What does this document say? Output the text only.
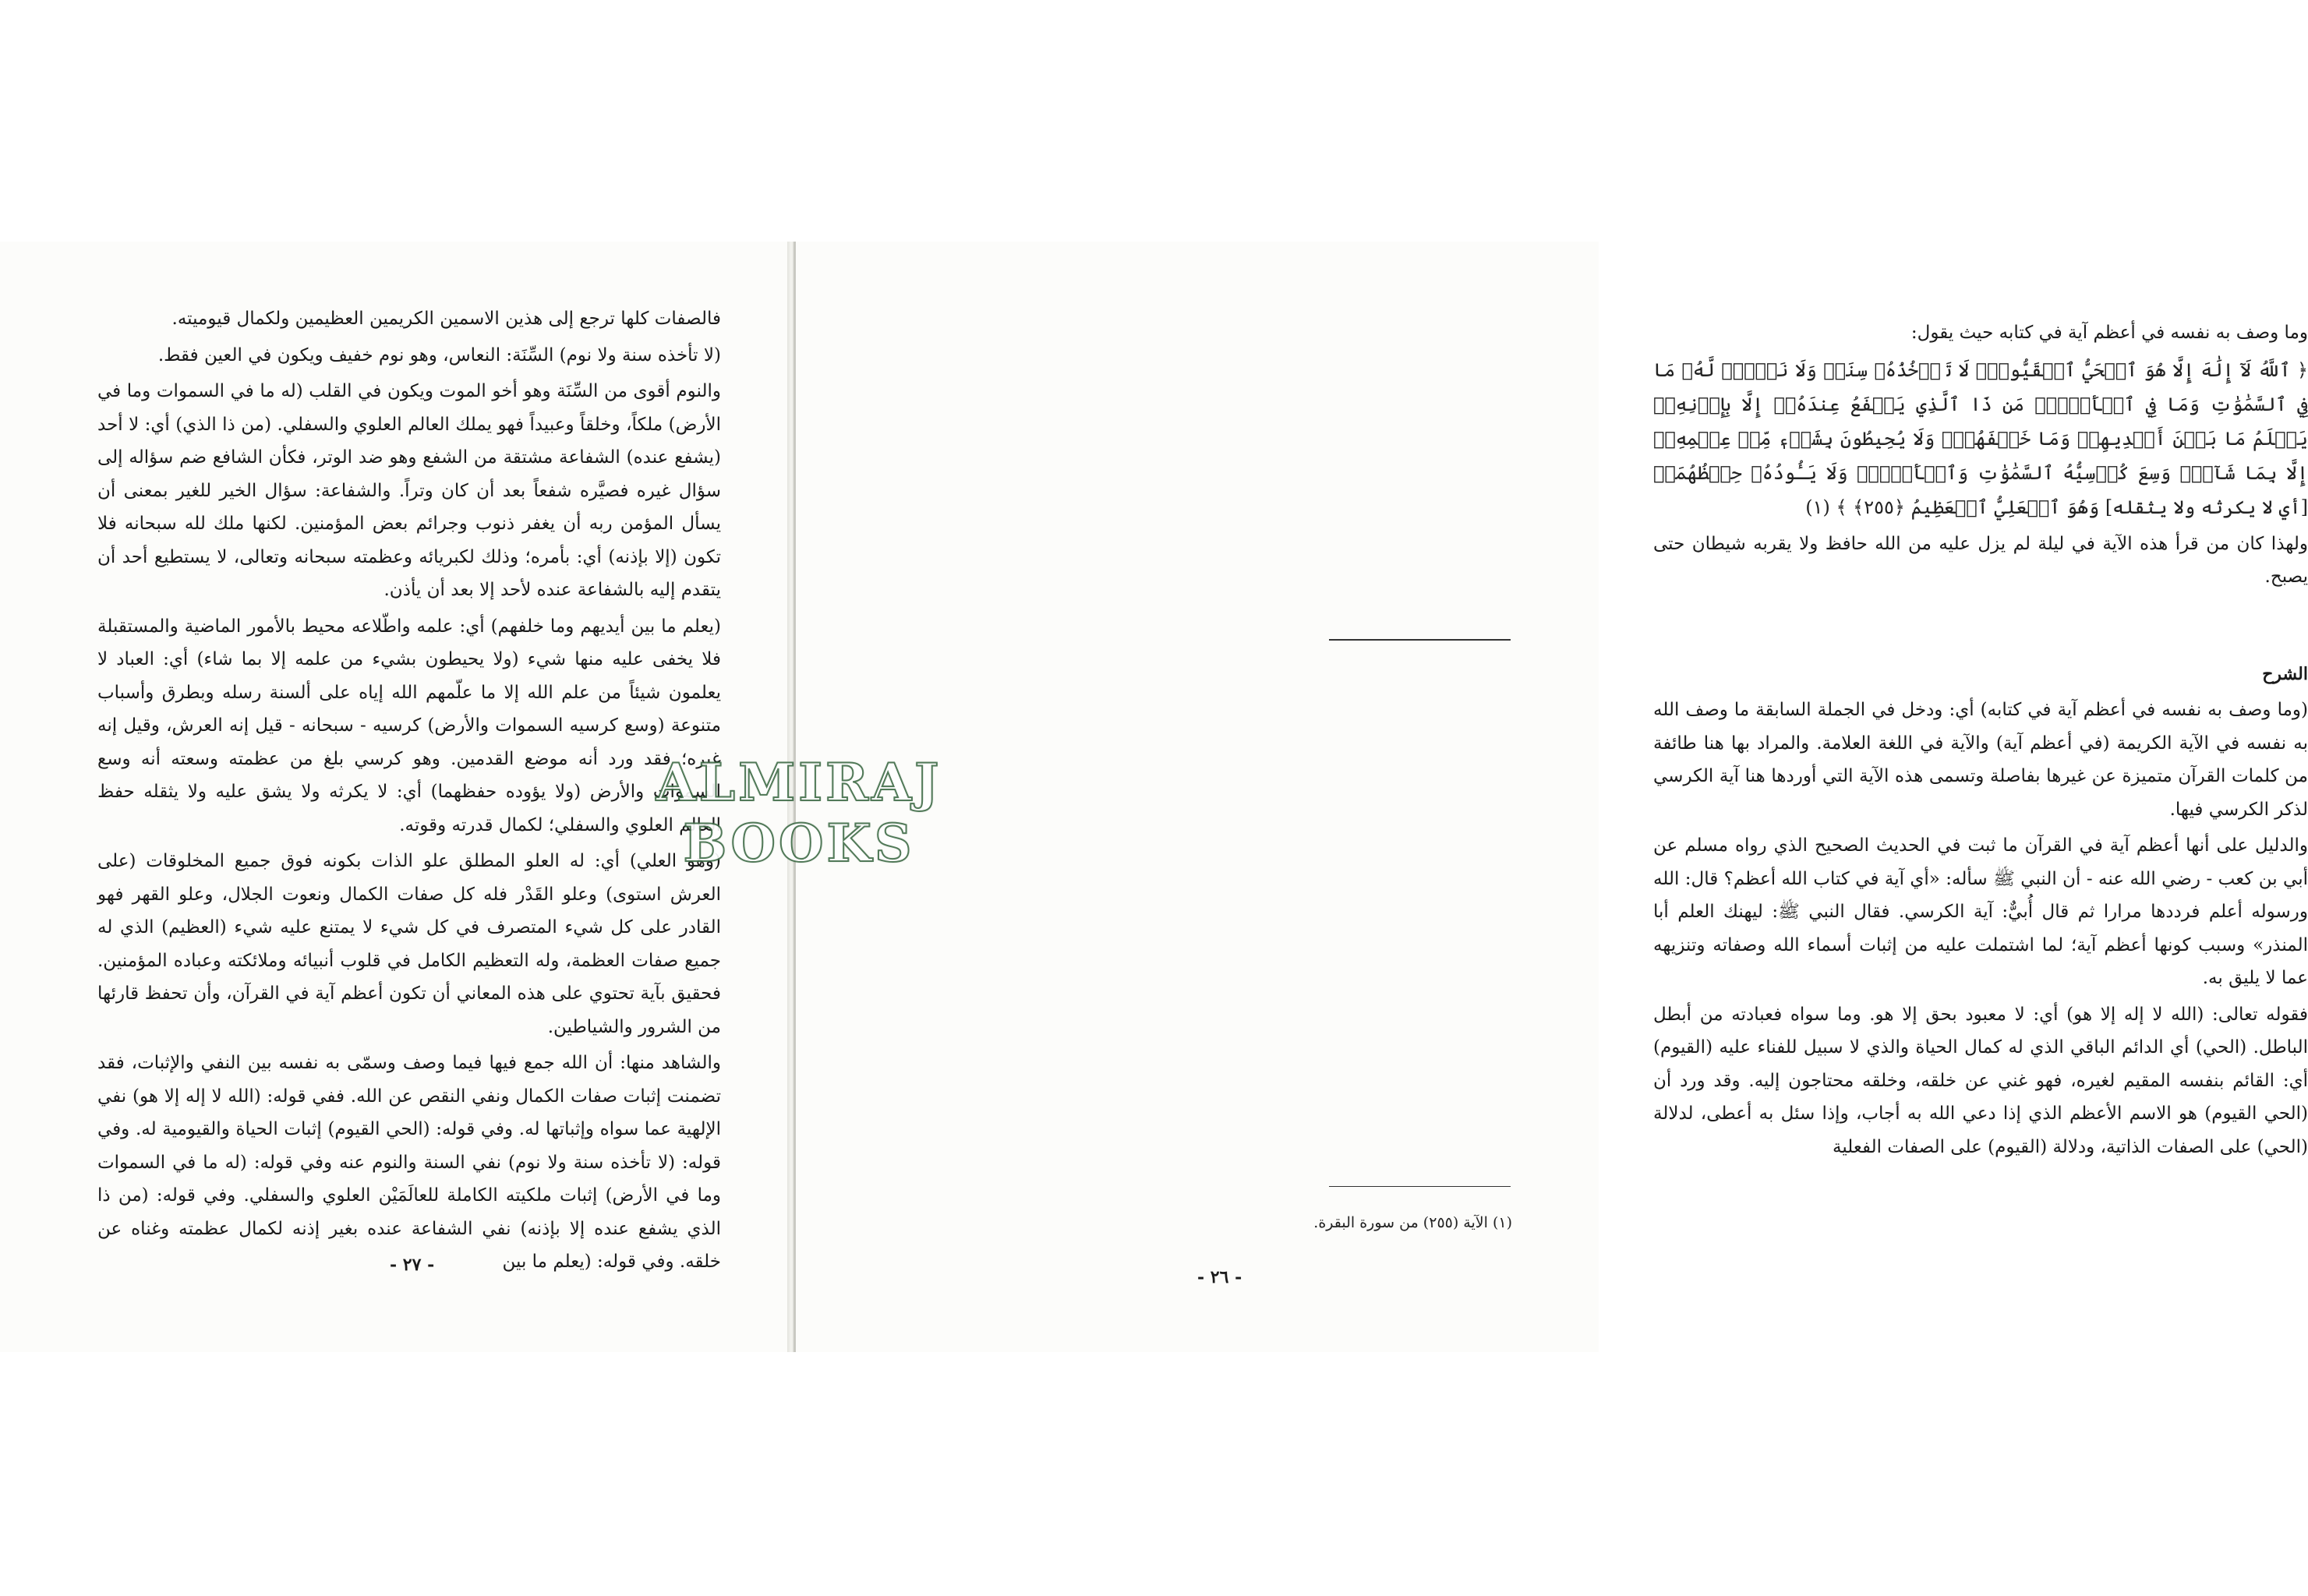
فالصفات كلها ترجع إلى هذين الاسمين الكريمين العظيمين ولكمال قيوميته.

(لا تأخذه سنة ولا نوم) السِّنَة: النعاس، وهو نوم خفيف ويكون في العين فقط.

والنوم أقوى من السِّنَة وهو أخو الموت ويكون في القلب (له ما في السموات وما في الأرض) ملكاً، وخلقاً وعبيداً فهو يملك العالم العلوي والسفلي. (من ذا الذي) أي: لا أحد (يشفع عنده) الشفاعة مشتقة من الشفع وهو ضد الوتر، فكأن الشافع ضم سؤاله إلى سؤال غيره فصيَّره شفعاً بعد أن كان وتراً. والشفاعة: سؤال الخير للغير بمعنى أن يسأل المؤمن ربه أن يغفر ذنوب وجرائم بعض المؤمنين. لكنها ملك لله سبحانه فلا تكون (إلا بإذنه) أي: بأمره؛ وذلك لكبريائه وعظمته سبحانه وتعالى، لا يستطيع أحد أن يتقدم إليه بالشفاعة عنده لأحد إلا بعد أن يأذن.

(يعلم ما بين أيديهم وما خلفهم) أي: علمه واطّلاعه محيط بالأمور الماضية والمستقبلة فلا يخفى عليه منها شيء (ولا يحيطون بشيء من علمه إلا بما شاء) أي: العباد لا يعلمون شيئاً من علم الله إلا ما علّمهم الله إياه على ألسنة رسله وبطرق وأسباب متنوعة (وسع كرسيه السموات والأرض) كرسيه - سبحانه - قيل إنه العرش، وقيل إنه غيره؛ فقد ورد أنه موضع القدمين. وهو كرسي بلغ من عظمته وسعته أنه وسع السموات والأرض (ولا يؤوده حفظهما) أي: لا يكرثه ولا يشق عليه ولا يثقله حفظ العالم العلوي والسفلي؛ لكمال قدرته وقوته.

(وهو العلي) أي: له العلو المطلق علو الذات بكونه فوق جميع المخلوقات (على العرش استوى) وعلو القَدْر فله كل صفات الكمال ونعوت الجلال، وعلو القهر فهو القادر على كل شيء المتصرف في كل شيء لا يمتنع عليه شيء (العظيم) الذي له جميع صفات العظمة، وله التعظيم الكامل في قلوب أنبيائه وملائكته وعباده المؤمنين. فحقيق بآية تحتوي على هذه المعاني أن تكون أعظم آية في القرآن، وأن تحفظ قارئها من الشرور والشياطين.

والشاهد منها: أن الله جمع فيها فيما وصف وسمّى به نفسه بين النفي والإثبات، فقد تضمنت إثبات صفات الكمال ونفي النقص عن الله. ففي قوله: (الله لا إله إلا هو) نفي الإلهية عما سواه وإثباتها له. وفي قوله: (الحي القيوم) إثبات الحياة والقيومية له. وفي قوله: (لا تأخذه سنة ولا نوم) نفي السنة والنوم عنه وفي قوله: (له ما في السموات وما في الأرض) إثبات ملكيته الكاملة للعالَمَيْن العلوي والسفلي. وفي قوله: (من ذا الذي يشفع عنده إلا بإذنه) نفي الشفاعة عنده بغير إذنه لكمال عظمته وغناه عن خلقه. وفي قوله: (يعلم ما بين

وما وصف به نفسه في أعظم آية في كتابه حيث يقول:

﴿ ٱللَّهُ لَآ إِلَٰهَ إِلَّا هُوَ ٱلۡحَيُّ ٱلۡقَيُّومُۚ لَا تَأۡخُذُهُۥ سِنَةٞ وَلَا نَوۡمٞۚ لَّهُۥ مَا فِي ٱلسَّمَٰوَٰتِ وَمَا فِي ٱلۡأَرۡضِۗ مَن ذَا ٱلَّذِي يَشۡفَعُ عِندَهُۥٓ إِلَّا بِإِذۡنِهِۦۚ يَعۡلَمُ مَا بَيۡنَ أَيۡدِيهِمۡ وَمَا خَلۡفَهُمۡۖ وَلَا يُحِيطُونَ بِشَيۡءٖ مِّنۡ عِلۡمِهِۦٓ إِلَّا بِمَا شَآءَۚ وَسِعَ كُرۡسِيُّهُ ٱلسَّمَٰوَٰتِ وَٱلۡأَرۡضَۖ وَلَا يَـُٔودُهُۥ حِفۡظُهُمَاۚ [أي لا يكرثه ولا يثقله] وَهُوَ ٱلۡعَلِيُّ ٱلۡعَظِيمُ ﴿٢٥٥﴾ ﴾ (١)

ولهذا كان من قرأ هذه الآية في ليلة لم يزل عليه من الله حافظ ولا يقربه شيطان حتى يصبح.

الشرح

(وما وصف به نفسه في أعظم آية في كتابه) أي: ودخل في الجملة السابقة ما وصف الله به نفسه في الآية الكريمة (في أعظم آية) والآية في اللغة العلامة. والمراد بها هنا طائفة من كلمات القرآن متميزة عن غيرها بفاصلة وتسمى هذه الآية التي أوردها هنا آية الكرسي لذكر الكرسي فيها.

والدليل على أنها أعظم آية في القرآن ما ثبت في الحديث الصحيح الذي رواه مسلم عن أبي بن كعب - رضي الله عنه - أن النبي ﷺ سأله: «أي آية في كتاب الله أعظم؟ قال: الله ورسوله أعلم فرددها مرارا ثم قال أُبيٌّ: آية الكرسي. فقال النبي ﷺ: ليهنك العلم أبا المنذر» وسبب كونها أعظم آية؛ لما اشتملت عليه من إثبات أسماء الله وصفاته وتنزيهه عما لا يليق به.

فقوله تعالى: (الله لا إله إلا هو) أي: لا معبود بحق إلا هو. وما سواه فعبادته من أبطل الباطل. (الحي) أي الدائم الباقي الذي له كمال الحياة والذي لا سبيل للفناء عليه (القيوم) أي: القائم بنفسه المقيم لغيره، فهو غني عن خلقه، وخلقه محتاجون إليه. وقد ورد أن (الحي القيوم) هو الاسم الأعظم الذي إذا دعي الله به أجاب، وإذا سئل به أعطى، لدلالة (الحي) على الصفات الذاتية، ودلالة (القيوم) على الصفات الفعلية

(١) الآية (٢٥٥) من سورة البقرة.
- ٢٧ -
- ٢٦ -
ALMIRAJ BOOKS
